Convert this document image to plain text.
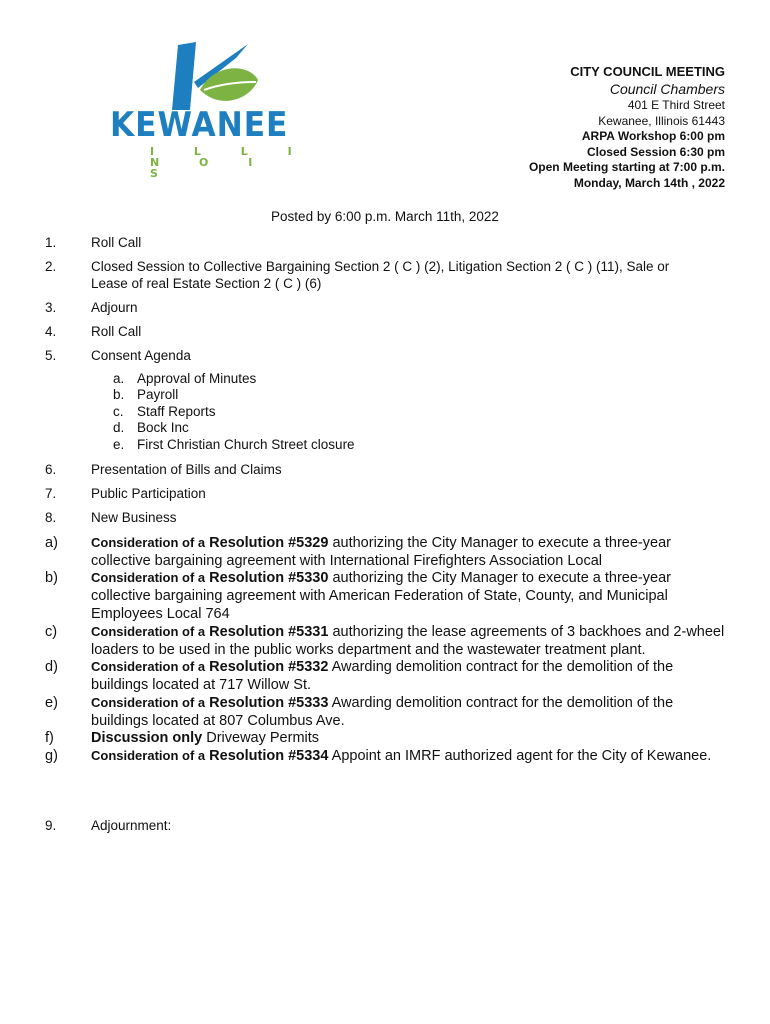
KEWANEE
I L L I N O I S
CITY COUNCIL MEETING
Council Chambers
401 E Third Street
Kewanee, Illinois 61443
ARPA Workshop 6:00 pm
Closed Session 6:30 pm
Open Meeting starting at 7:00 p.m.
Monday, March 14th , 2022
Posted by 6:00 p.m. March 11th, 2022
1.	Roll Call
2.	Closed Session to Collective Bargaining Section 2 ( C ) (2), Litigation Section 2 ( C ) (11), Sale or Lease of real Estate Section 2 ( C ) (6)
3.	Adjourn
4.	Roll Call
5.	Consent Agenda
a. Approval of Minutes
b. Payroll
c. Staff Reports
d. Bock Inc
e. First Christian Church Street closure
6.	Presentation of Bills and Claims
7.	Public Participation
8.	New Business
a)	Consideration of a Resolution #5329 authorizing the City Manager to execute a three-year collective bargaining agreement with International Firefighters Association Local
b)	Consideration of a Resolution #5330 authorizing the City Manager to execute a three-year collective bargaining agreement with American Federation of State, County, and Municipal Employees Local 764
c)	Consideration of a Resolution #5331 authorizing the lease agreements of 3 backhoes and 2-wheel loaders to be used in the public works department and the wastewater treatment plant.
d)	Consideration of a Resolution #5332 Awarding demolition contract for the demolition of the buildings located at 717 Willow St.
e)	Consideration of a Resolution #5333 Awarding demolition contract for the demolition of the buildings located at 807 Columbus Ave.
f)	Discussion only Driveway Permits
g)	Consideration of a Resolution #5334 Appoint an IMRF authorized agent for the City of Kewanee.
9.	Adjournment:
